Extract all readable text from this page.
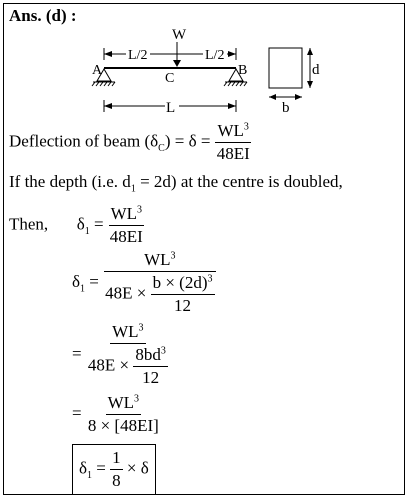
Ans. (d) :
W
L/2	L/2
A	B
C
L
d
b
Deflection of beam $(\delta_C) = \delta = \frac{WL^3}{48EI}$
If the depth (i.e. $d_1 = 2d$) at the centre is doubled,
Then, $\delta_1 = \frac{WL^3}{48EI}$
$\delta_1 = \frac{WL^3}{48E \times \frac{b \times (2d)^3}{12}}$
= $\frac{WL^3}{48E \times \frac{8bd^3}{12}}$
= $\frac{WL^3}{8 \times [48EI]}$
$\delta_1 = \frac{1}{8} \times \delta$
